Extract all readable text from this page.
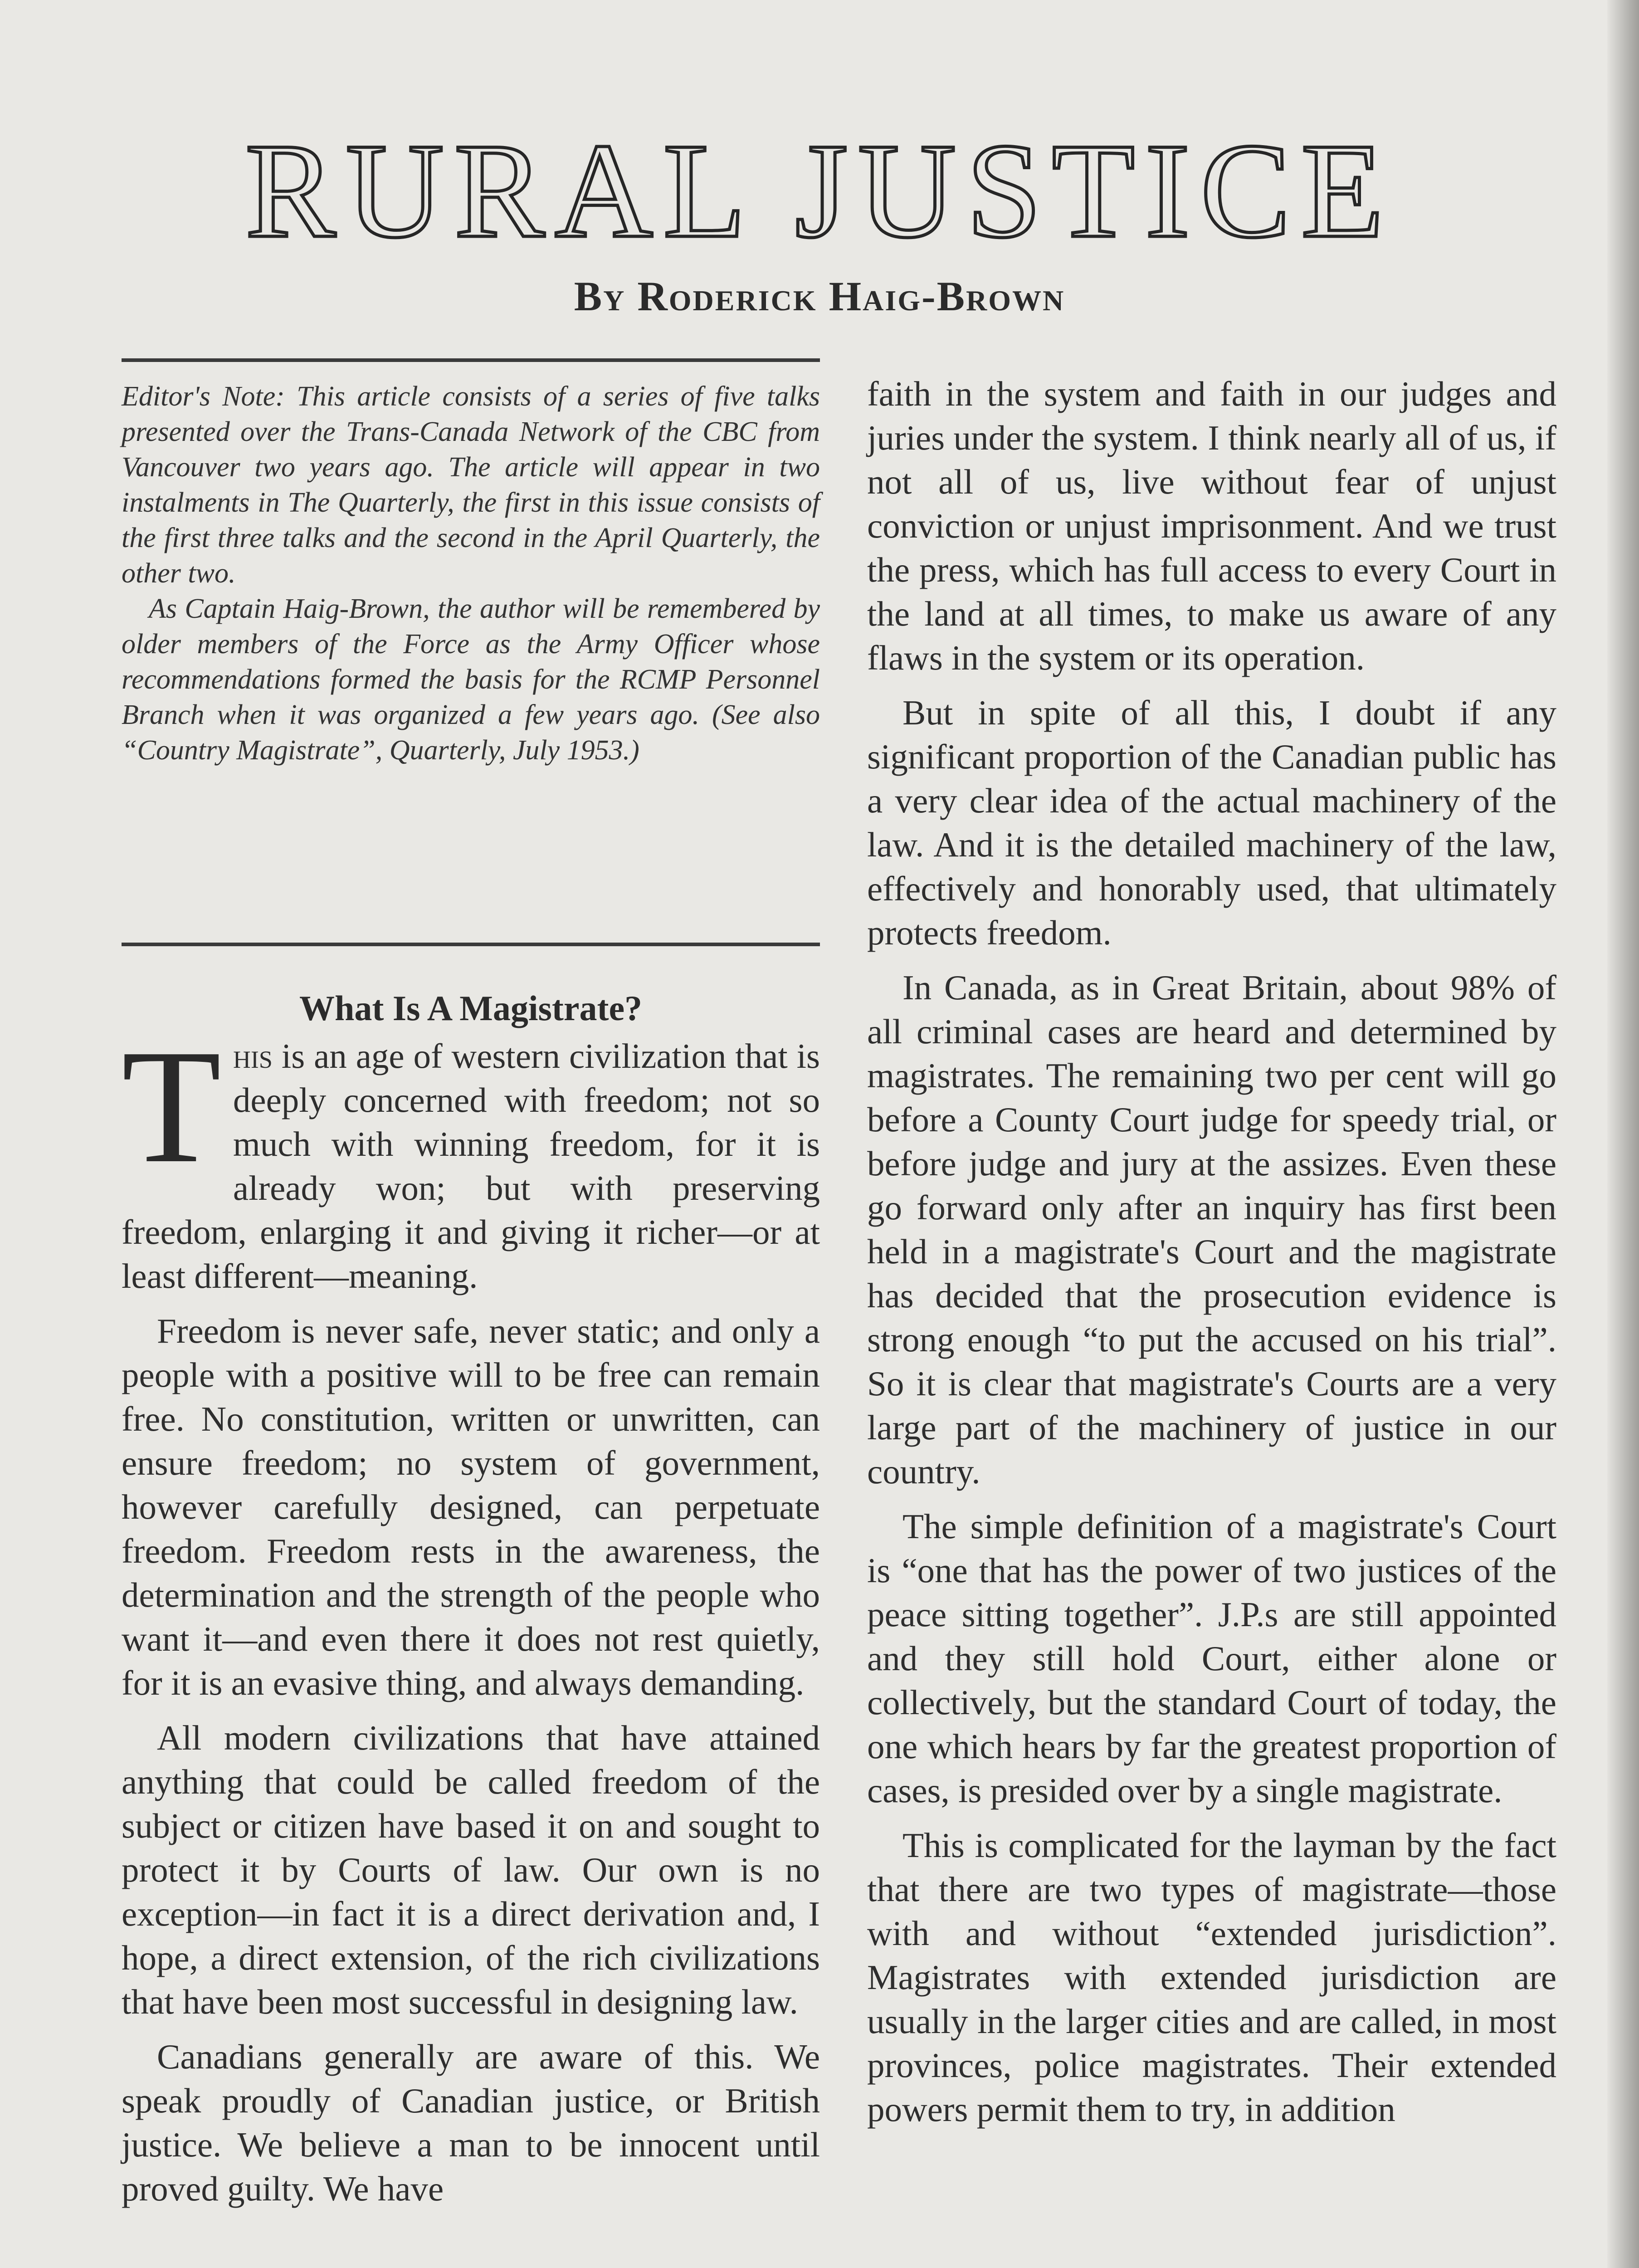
RURAL JUSTICE
By Roderick Haig-Brown

Editor's Note: This article consists of a series of five talks presented over the Trans-Canada Network of the CBC from Vancouver two years ago. The article will appear in two instalments in The Quarterly, the first in this issue consists of the first three talks and the second in the April Quarterly, the other two.

As Captain Haig-Brown, the author will be remembered by older members of the Force as the Army Officer whose recommendations formed the basis for the RCMP Personnel Branch when it was organized a few years ago. (See also “Country Magistrate”, Quarterly, July 1953.)

What Is A Magistrate?

This is an age of western civilization that is deeply concerned with freedom; not so much with winning freedom, for it is already won; but with preserving freedom, enlarging it and giving it richer—or at least different—meaning.

Freedom is never safe, never static; and only a people with a positive will to be free can remain free. No constitution, written or unwritten, can ensure freedom; no system of government, however carefully designed, can perpetuate freedom. Freedom rests in the awareness, the determination and the strength of the people who want it—and even there it does not rest quietly, for it is an evasive thing, and always demanding.

All modern civilizations that have attained anything that could be called freedom of the subject or citizen have based it on and sought to protect it by Courts of law. Our own is no exception—in fact it is a direct derivation and, I hope, a direct extension, of the rich civilizations that have been most successful in designing law.

Canadians generally are aware of this. We speak proudly of Canadian justice, or British justice. We believe a man to be innocent until proved guilty. We have

faith in the system and faith in our judges and juries under the system. I think nearly all of us, if not all of us, live without fear of unjust conviction or unjust imprisonment. And we trust the press, which has full access to every Court in the land at all times, to make us aware of any flaws in the system or its operation.

But in spite of all this, I doubt if any significant proportion of the Canadian public has a very clear idea of the actual machinery of the law. And it is the detailed machinery of the law, effectively and honorably used, that ultimately protects freedom.

In Canada, as in Great Britain, about 98% of all criminal cases are heard and determined by magistrates. The remaining two per cent will go before a County Court judge for speedy trial, or before judge and jury at the assizes. Even these go forward only after an inquiry has first been held in a magistrate's Court and the magistrate has decided that the prosecution evidence is strong enough “to put the accused on his trial”. So it is clear that magistrate's Courts are a very large part of the machinery of justice in our country.

The simple definition of a magistrate's Court is “one that has the power of two justices of the peace sitting together”. J.P.s are still appointed and they still hold Court, either alone or collectively, but the standard Court of today, the one which hears by far the greatest proportion of cases, is presided over by a single magistrate.

This is complicated for the layman by the fact that there are two types of magistrate—those with and without “extended jurisdiction”. Magistrates with extended jurisdiction are usually in the larger cities and are called, in most provinces, police magistrates. Their extended powers permit them to try, in addition
